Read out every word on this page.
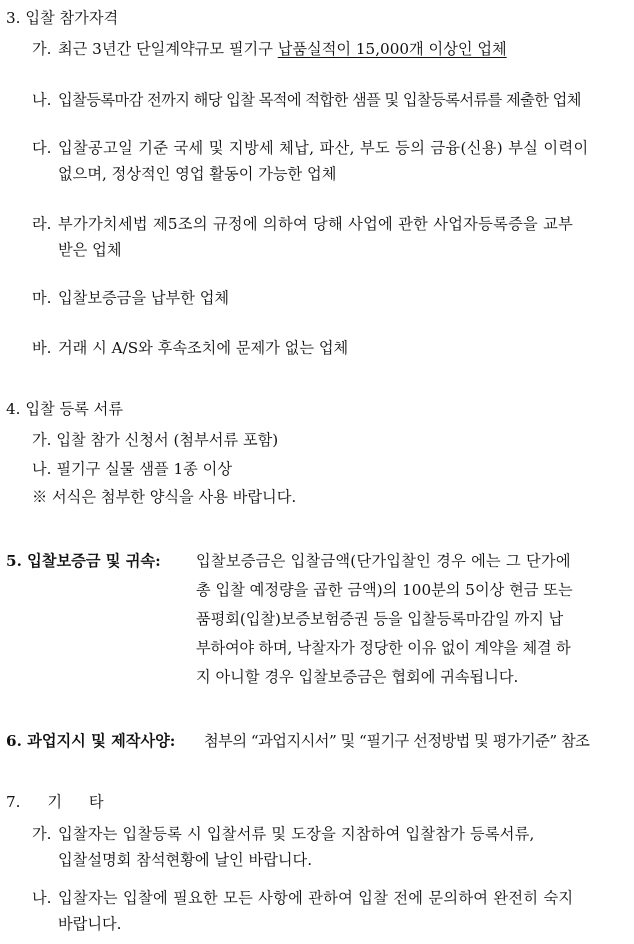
3. 입찰 참가자격
가. 최근 3년간 단일계약규모 필기구 납품실적이 15,000개 이상인 업체
나. 입찰등록마감 전까지 해당 입찰 목적에 적합한 샘플 및 입찰등록서류를 제출한 업체
다. 입찰공고일 기준 국세 및 지방세 체납, 파산, 부도 등의 금융(신용) 부실 이력이
없으며, 정상적인 영업 활동이 가능한 업체
라. 부가가치세법 제5조의 규정에 의하여 당해 사업에 관한 사업자등록증을 교부
받은 업체
마. 입찰보증금을 납부한 업체
바. 거래 시 A/S와 후속조치에 문제가 없는 업체
4. 입찰 등록 서류
가. 입찰 참가 신청서 (첨부서류 포함)
나. 필기구 실물 샘플 1종 이상
※ 서식은 첨부한 양식을 사용 바랍니다.
5. 입찰보증금 및 귀속: 입찰보증금은 입찰금액(단가입찰인 경우 에는 그 단가에
총 입찰 예정량을 곱한 금액)의 100분의 5이상 현금 또는
품평회(입찰)보증보험증권 등을 입찰등록마감일 까지 납
부하여야 하며, 낙찰자가 정당한 이유 없이 계약을 체결 하
지 아니할 경우 입찰보증금은 협회에 귀속됩니다.
6. 과업지시 및 제작사양: 첨부의 “과업지시서” 및 “필기구 선정방법 및 평가기준” 참조
7. 기 타
가. 입찰자는 입찰등록 시 입찰서류 및 도장을 지참하여 입찰참가 등록서류,
입찰설명회 참석현황에 날인 바랍니다.
나. 입찰자는 입찰에 필요한 모든 사항에 관하여 입찰 전에 문의하여 완전히 숙지
바랍니다.
